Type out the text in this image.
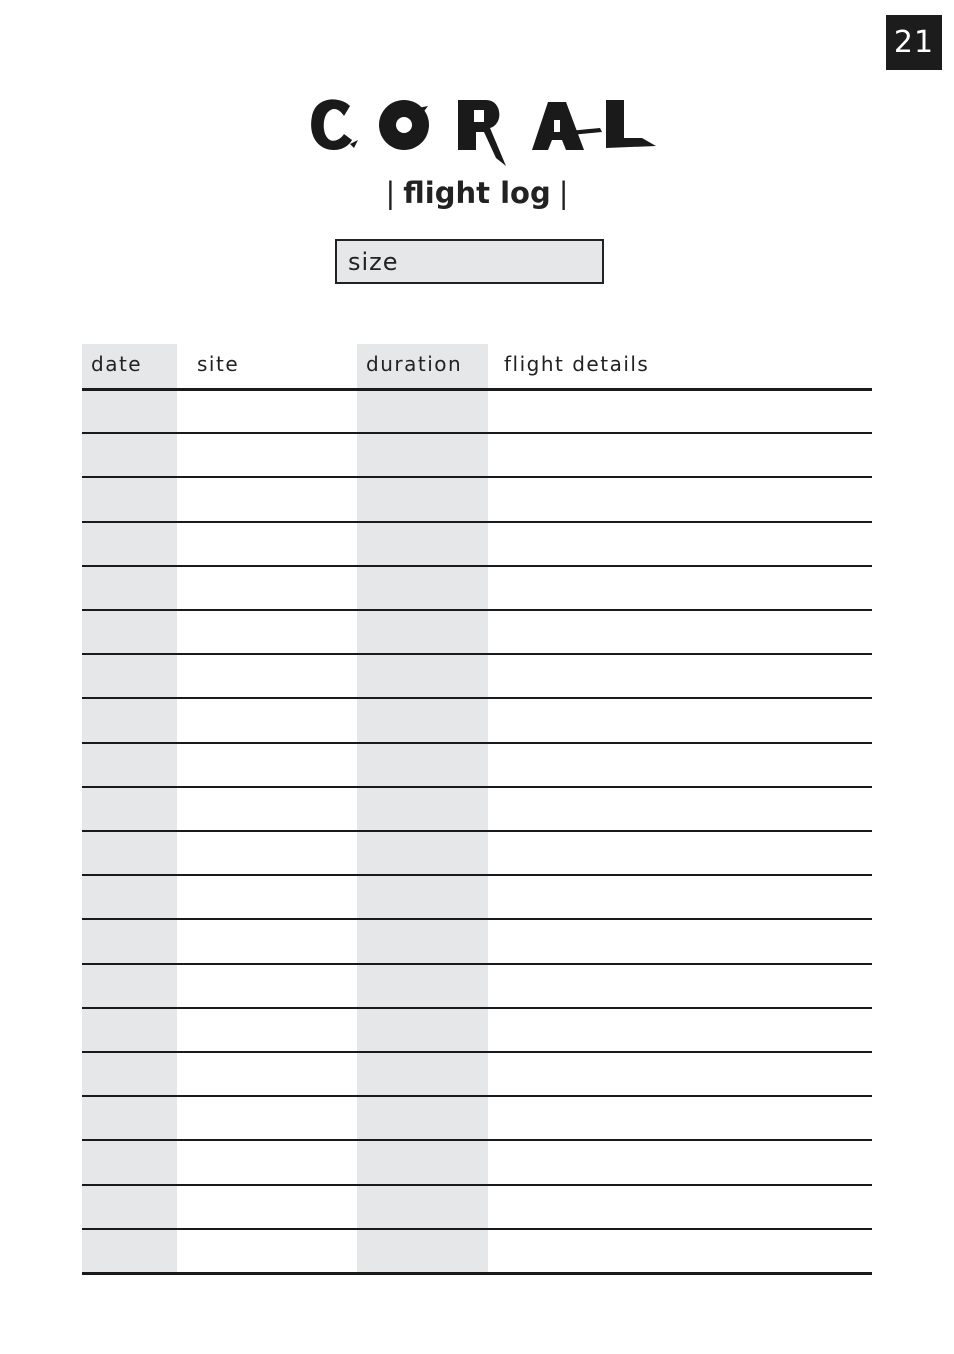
21
| flight log |
size
date	site	duration flight details
